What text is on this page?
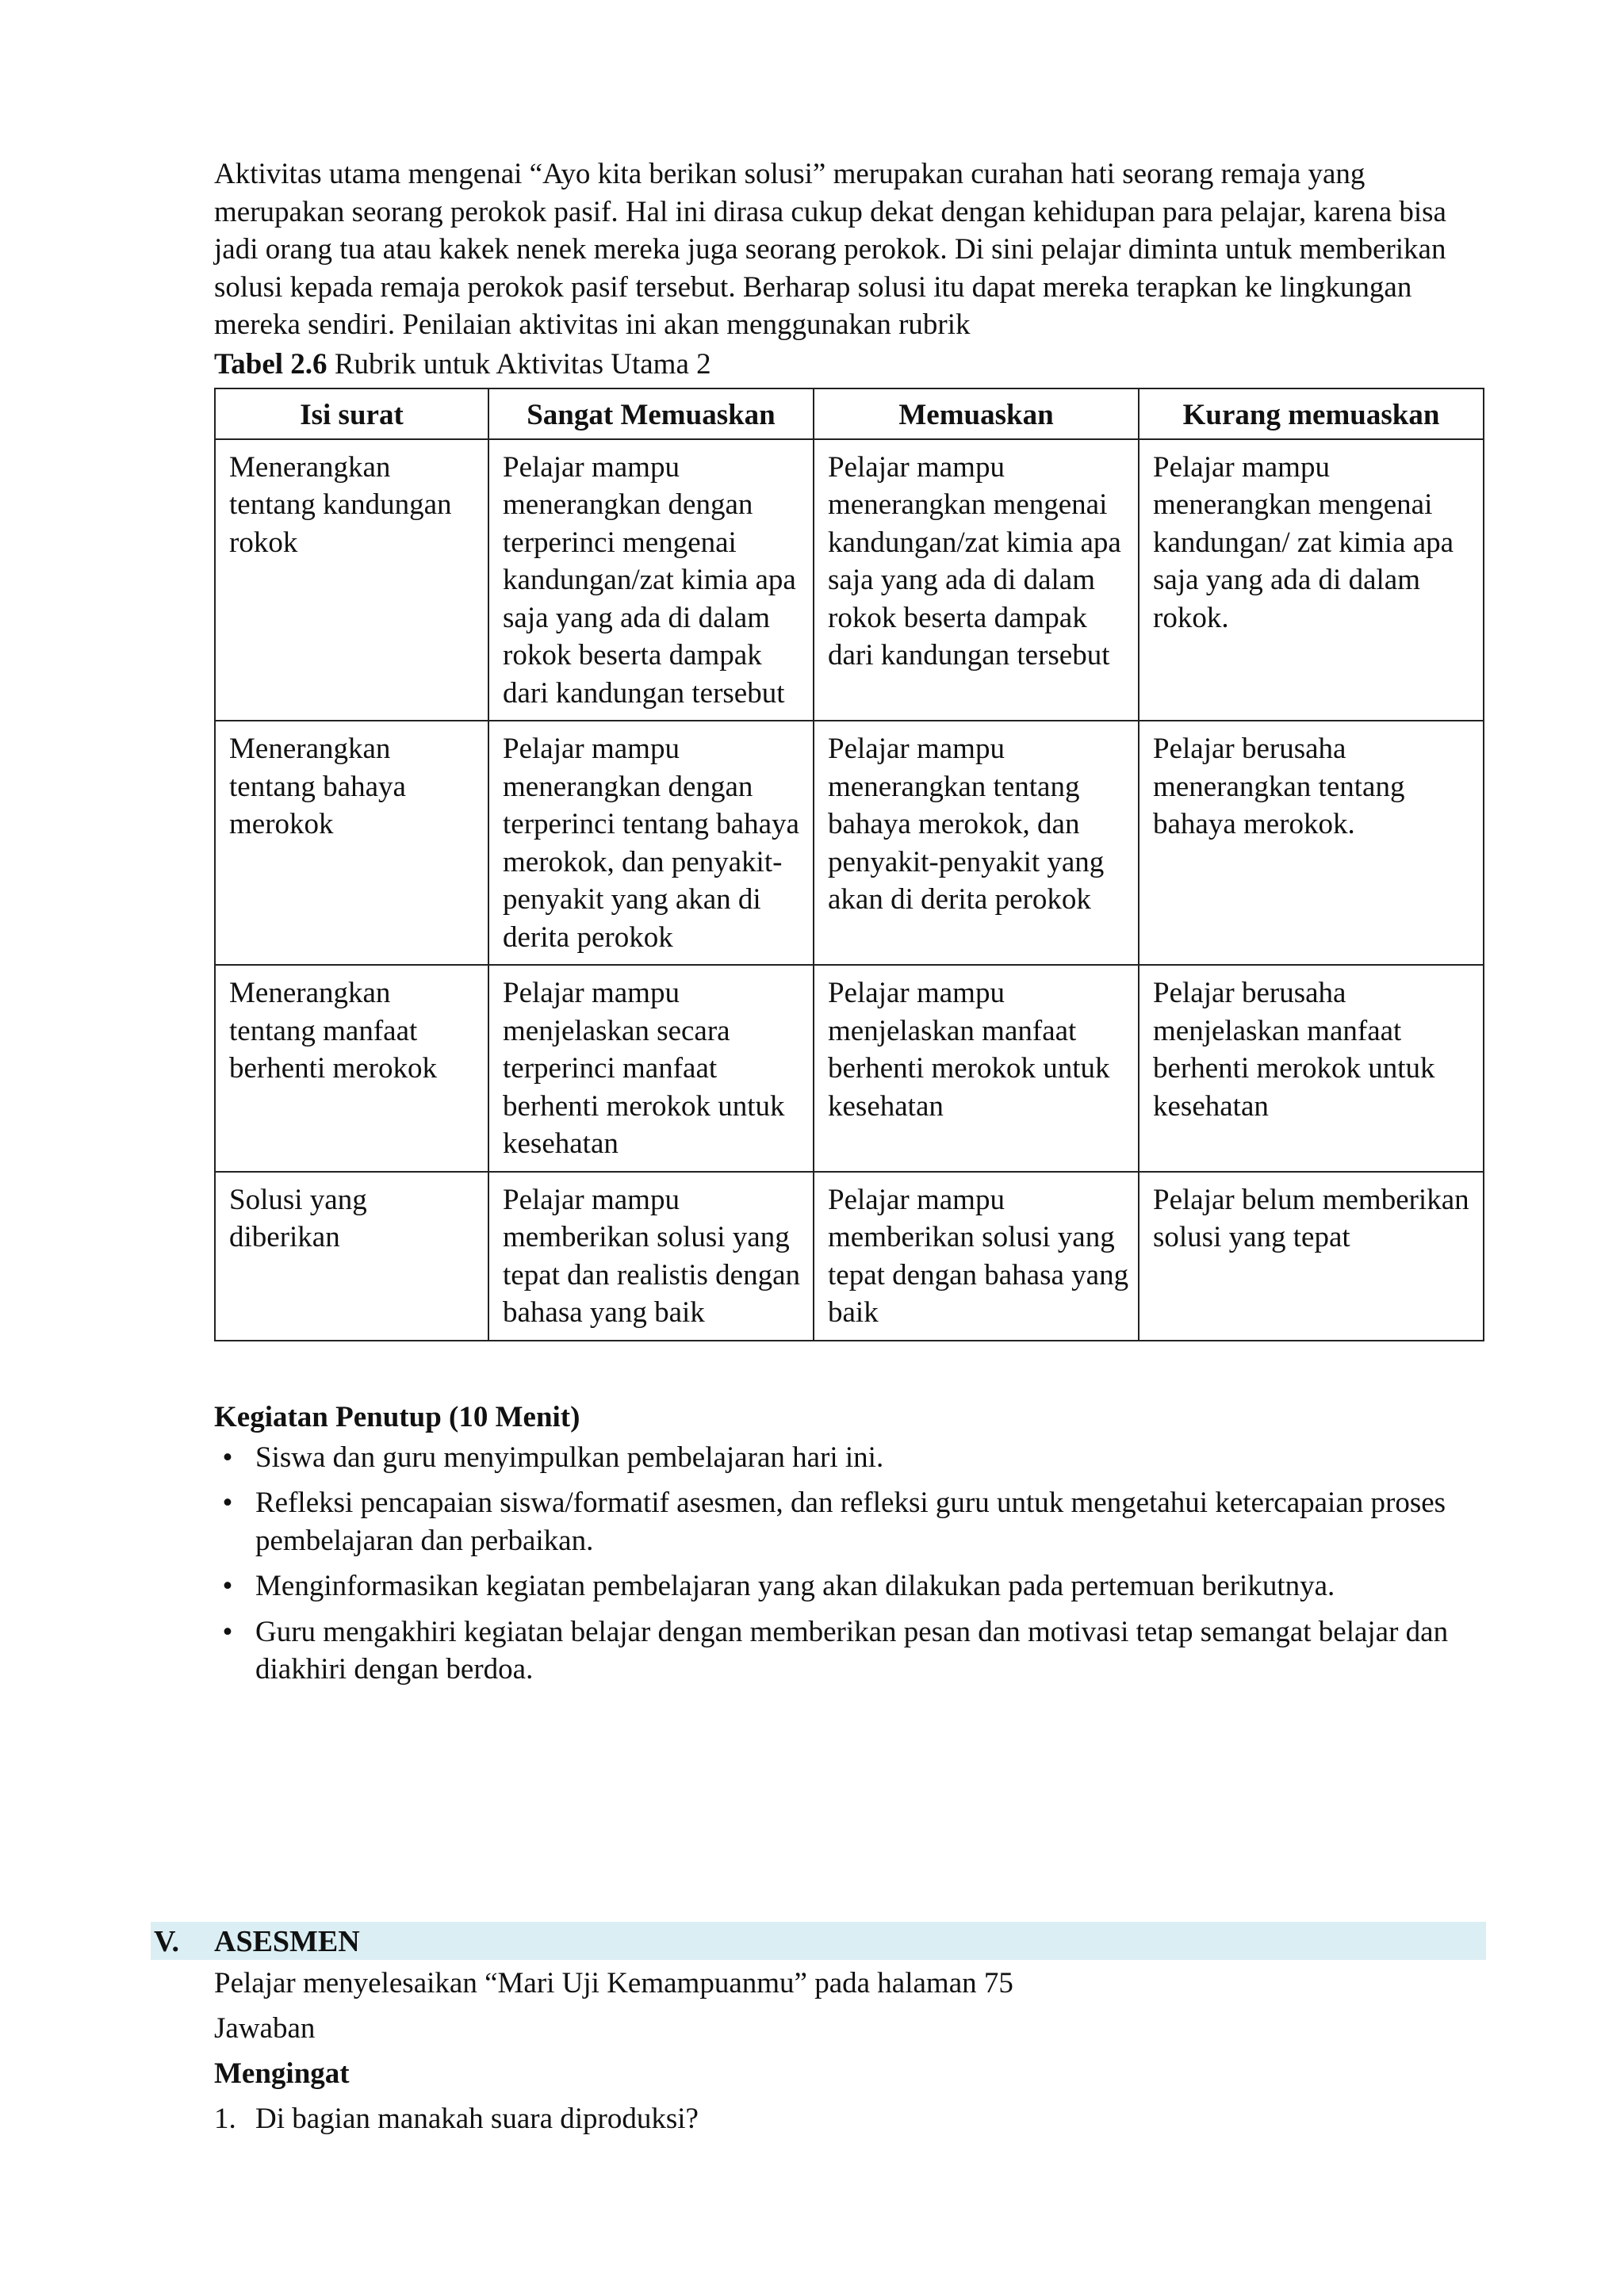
Aktivitas utama mengenai “Ayo kita berikan solusi” merupakan curahan hati seorang remaja yang merupakan seorang perokok pasif. Hal ini dirasa cukup dekat dengan kehidupan para pelajar, karena bisa jadi orang tua atau kakek nenek mereka juga seorang perokok. Di sini pelajar diminta untuk memberikan solusi kepada remaja perokok pasif tersebut. Berharap solusi itu dapat mereka terapkan ke lingkungan mereka sendiri. Penilaian aktivitas ini akan menggunakan rubrik

Tabel 2.6 Rubrik untuk Aktivitas Utama 2

Isi surat	Sangat Memuaskan	Memuaskan	Kurang memuaskan
Menerangkan tentang kandungan rokok	Pelajar mampu menerangkan dengan terperinci mengenai kandungan/zat kimia apa saja yang ada di dalam rokok beserta dampak dari kandungan tersebut	Pelajar mampu menerangkan mengenai kandungan/zat kimia apa saja yang ada di dalam rokok beserta dampak dari kandungan tersebut	Pelajar mampu menerangkan mengenai kandungan/ zat kimia apa saja yang ada di dalam rokok.
Menerangkan tentang bahaya merokok	Pelajar mampu menerangkan dengan terperinci tentang bahaya merokok, dan penyakit-penyakit yang akan di derita perokok	Pelajar mampu menerangkan tentang bahaya merokok, dan penyakit-penyakit yang akan di derita perokok	Pelajar berusaha menerangkan tentang bahaya merokok.
Menerangkan tentang manfaat berhenti merokok	Pelajar mampu menjelaskan secara terperinci manfaat berhenti merokok untuk kesehatan	Pelajar mampu menjelaskan manfaat berhenti merokok untuk kesehatan	Pelajar berusaha menjelaskan manfaat berhenti merokok untuk kesehatan
Solusi yang diberikan	Pelajar mampu memberikan solusi yang tepat dan realistis dengan bahasa yang baik	Pelajar mampu memberikan solusi yang tepat dengan bahasa yang baik	Pelajar belum memberikan solusi yang tepat
Kegiatan Penutup (10 Menit)
• Siswa dan guru menyimpulkan pembelajaran hari ini.
• Refleksi pencapaian siswa/formatif asesmen, dan refleksi guru untuk mengetahui ketercapaian proses pembelajaran dan perbaikan.
• Menginformasikan kegiatan pembelajaran yang akan dilakukan pada pertemuan berikutnya.
• Guru mengakhiri kegiatan belajar dengan memberikan pesan dan motivasi tetap semangat belajar dan diakhiri dengan berdoa.
V. ASESMEN

Pelajar menyelesaikan “Mari Uji Kemampuanmu” pada halaman 75

Jawaban

Mengingat

1. Di bagian manakah suara diproduksi?
